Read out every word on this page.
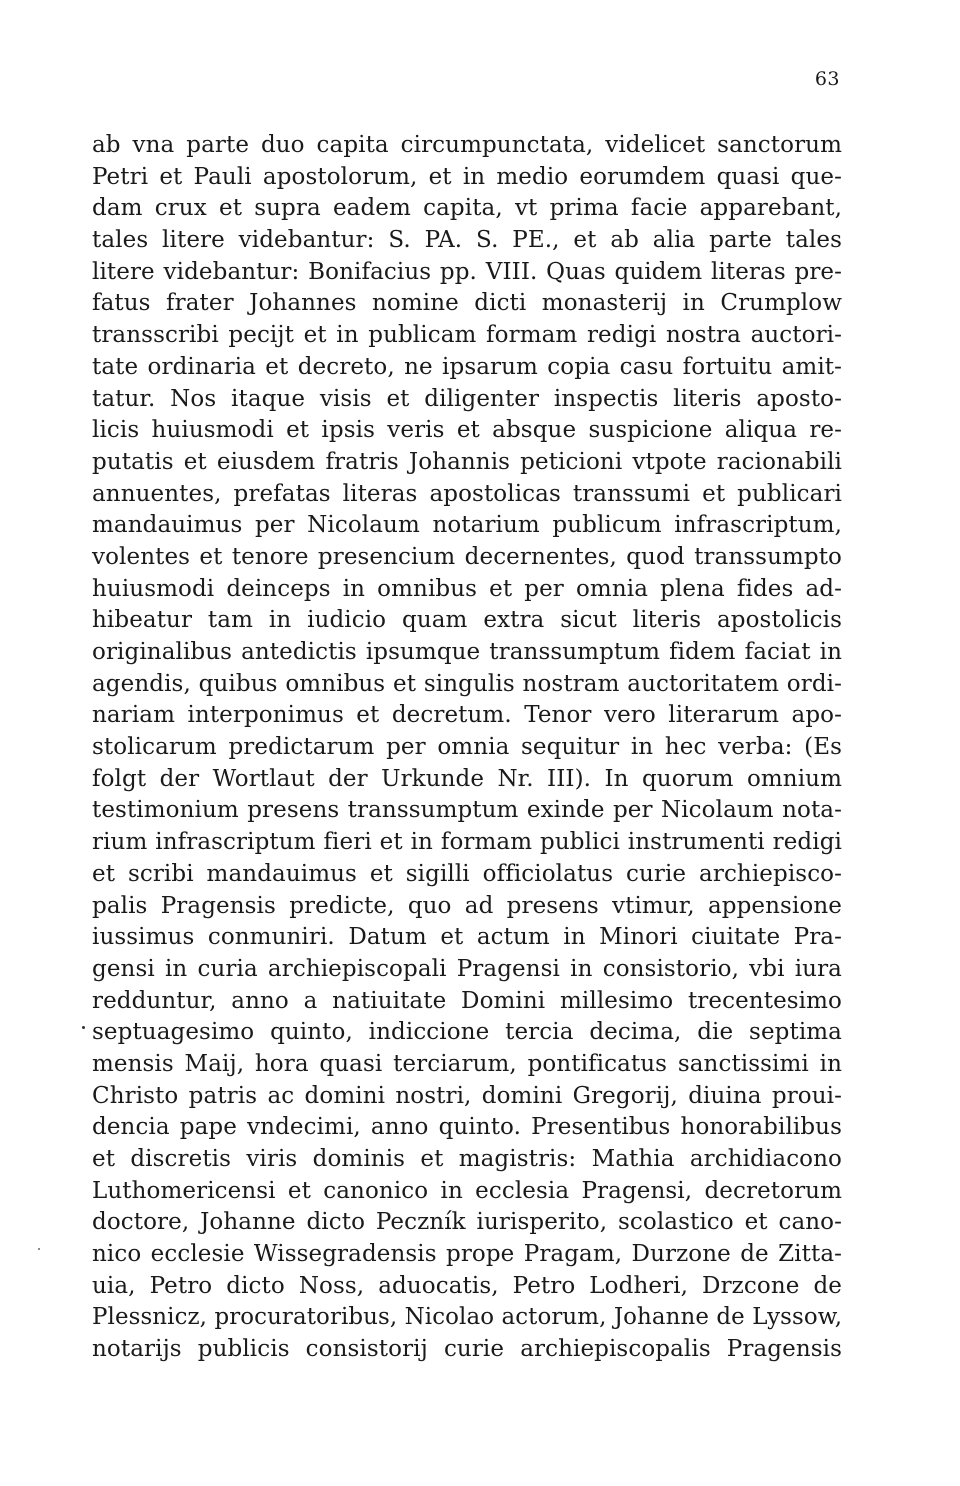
63
ab vna parte duo capita circumpunctata, videlicet sanctorum
Petri et Pauli apostolorum, et in medio eorumdem quasi que-
dam crux et supra eadem capita, vt prima facie apparebant,
tales litere videbantur: S. PA. S. PE., et ab alia parte tales
litere videbantur: Bonifacius pp. VIII. Quas quidem literas pre-
fatus frater Johannes nomine dicti monasterij in Crumplow
transscribi pecijt et in publicam formam redigi nostra auctori-
tate ordinaria et decreto, ne ipsarum copia casu fortuitu amit-
tatur. Nos itaque visis et diligenter inspectis literis aposto-
licis huiusmodi et ipsis veris et absque suspicione aliqua re-
putatis et eiusdem fratris Johannis peticioni vtpote racionabili
annuentes, prefatas literas apostolicas transsumi et publicari
mandauimus per Nicolaum notarium publicum infrascriptum,
volentes et tenore presencium decernentes, quod transsumpto
huiusmodi deinceps in omnibus et per omnia plena fides ad-
hibeatur tam in iudicio quam extra sicut literis apostolicis
originalibus antedictis ipsumque transsumptum fidem faciat in
agendis, quibus omnibus et singulis nostram auctoritatem ordi-
nariam interponimus et decretum. Tenor vero literarum apo-
stolicarum predictarum per omnia sequitur in hec verba: (Es
folgt der Wortlaut der Urkunde Nr. III). In quorum omnium
testimonium presens transsumptum exinde per Nicolaum nota-
rium infrascriptum fieri et in formam publici instrumenti redigi
et scribi mandauimus et sigilli officiolatus curie archiepisco-
palis Pragensis predicte, quo ad presens vtimur, appensione
iussimus conmuniri. Datum et actum in Minori ciuitate Pra-
gensi in curia archiepiscopali Pragensi in consistorio, vbi iura
redduntur, anno a natiuitate Domini millesimo trecentesimo
septuagesimo quinto, indiccione tercia decima, die septima
mensis Maij, hora quasi terciarum, pontificatus sanctissimi in
Christo patris ac domini nostri, domini Gregorij, diuina proui-
dencia pape vndecimi, anno quinto. Presentibus honorabilibus
et discretis viris dominis et magistris: Mathia archidiacono
Luthomericensi et canonico in ecclesia Pragensi, decretorum
doctore, Johanne dicto Peczník iurisperito, scolastico et cano-
nico ecclesie Wissegradensis prope Pragam, Durzone de Zitta-
uia, Petro dicto Noss, aduocatis, Petro Lodheri, Drzcone de
Plessnicz, procuratoribus, Nicolao actorum, Johanne de Lyssow,
notarijs publicis consistorij curie archiepiscopalis Pragensis
